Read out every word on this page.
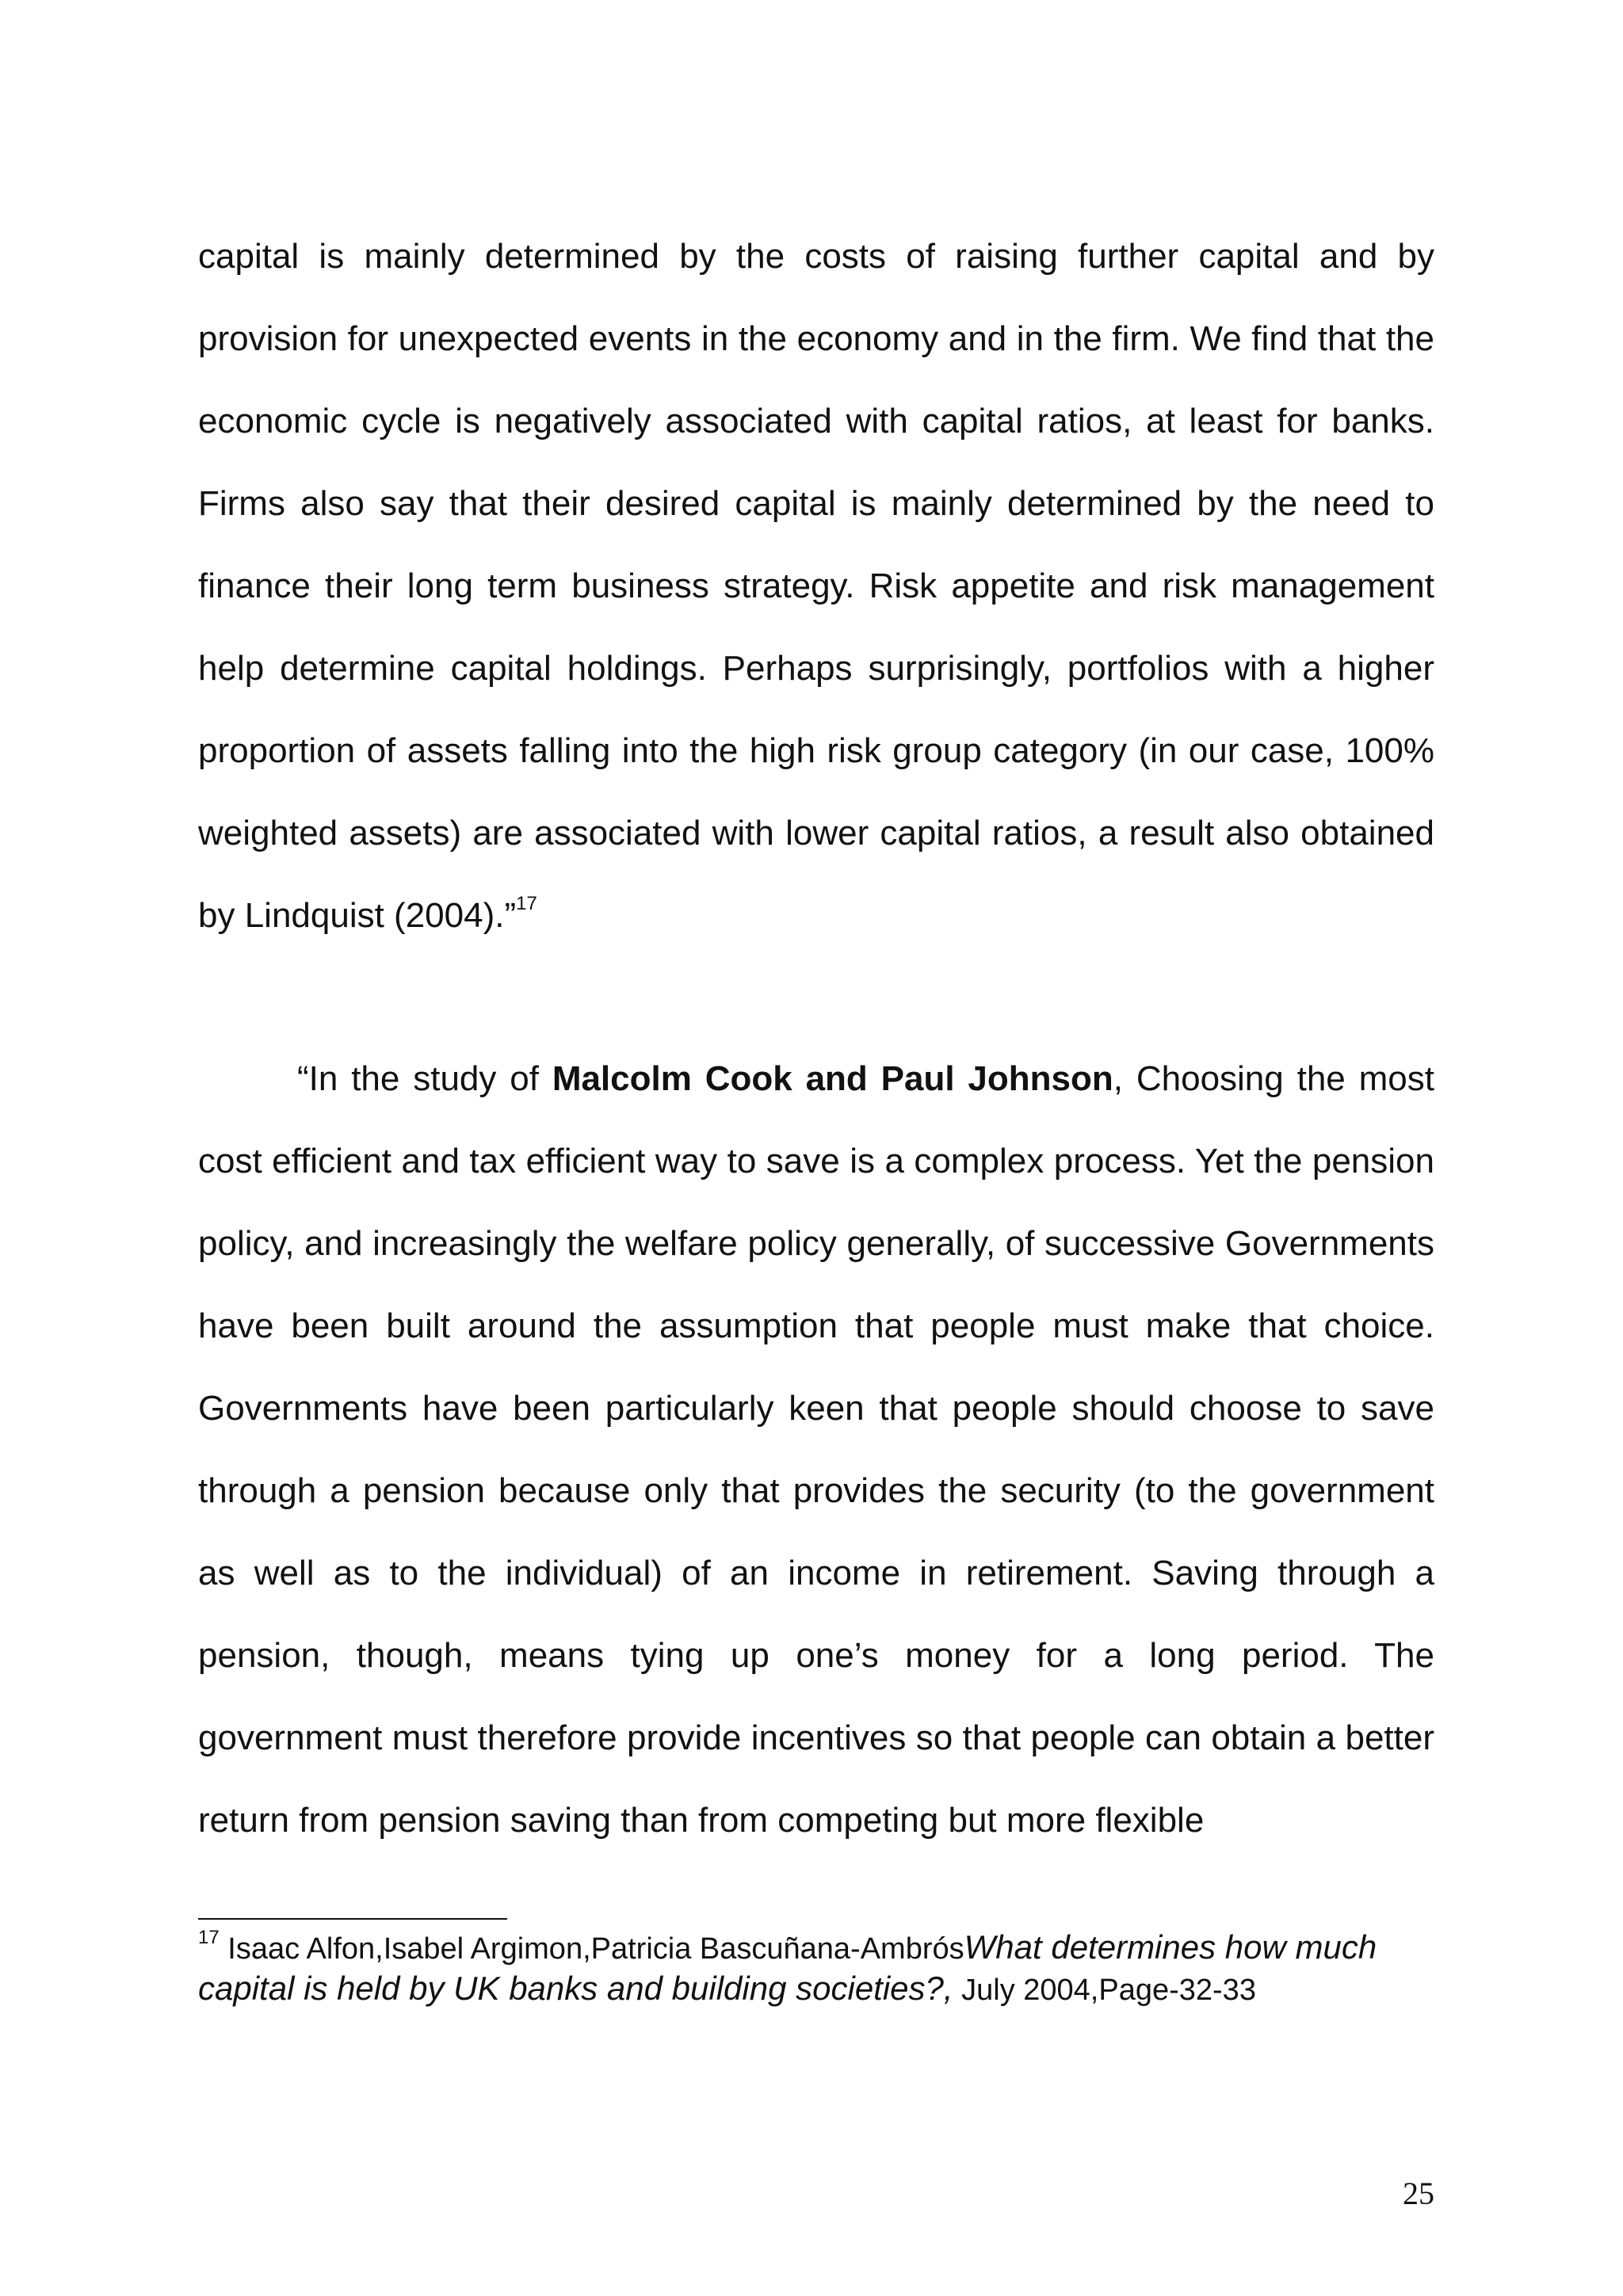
capital is mainly determined by the costs of raising further capital and by provision for unexpected events in the economy and in the firm. We find that the economic cycle is negatively associated with capital ratios, at least for banks. Firms also say that their desired capital is mainly determined by the need to finance their long term business strategy. Risk appetite and risk management help determine capital holdings. Perhaps surprisingly, portfolios with a higher proportion of assets falling into the high risk group category (in our case, 100% weighted assets) are associated with lower capital ratios, a result also obtained by Lindquist (2004).”$^{17}$

“In the study of Malcolm Cook and Paul Johnson, Choosing the most cost efficient and tax efficient way to save is a complex process. Yet the pension policy, and increasingly the welfare policy generally, of successive Governments have been built around the assumption that people must make that choice. Governments have been particularly keen that people should choose to save through a pension because only that provides the security (to the government as well as to the individual) of an income in retirement. Saving through a pension, though, means tying up one’s money for a long period. The government must therefore provide incentives so that people can obtain a better return from pension saving than from competing but more flexible

$^{17}$ Isaac Alfon,Isabel Argimon,Patricia Bascuñana-AmbrósWhat determines how much capital is held by UK banks and building societies?, July 2004,Page-32-33

25
